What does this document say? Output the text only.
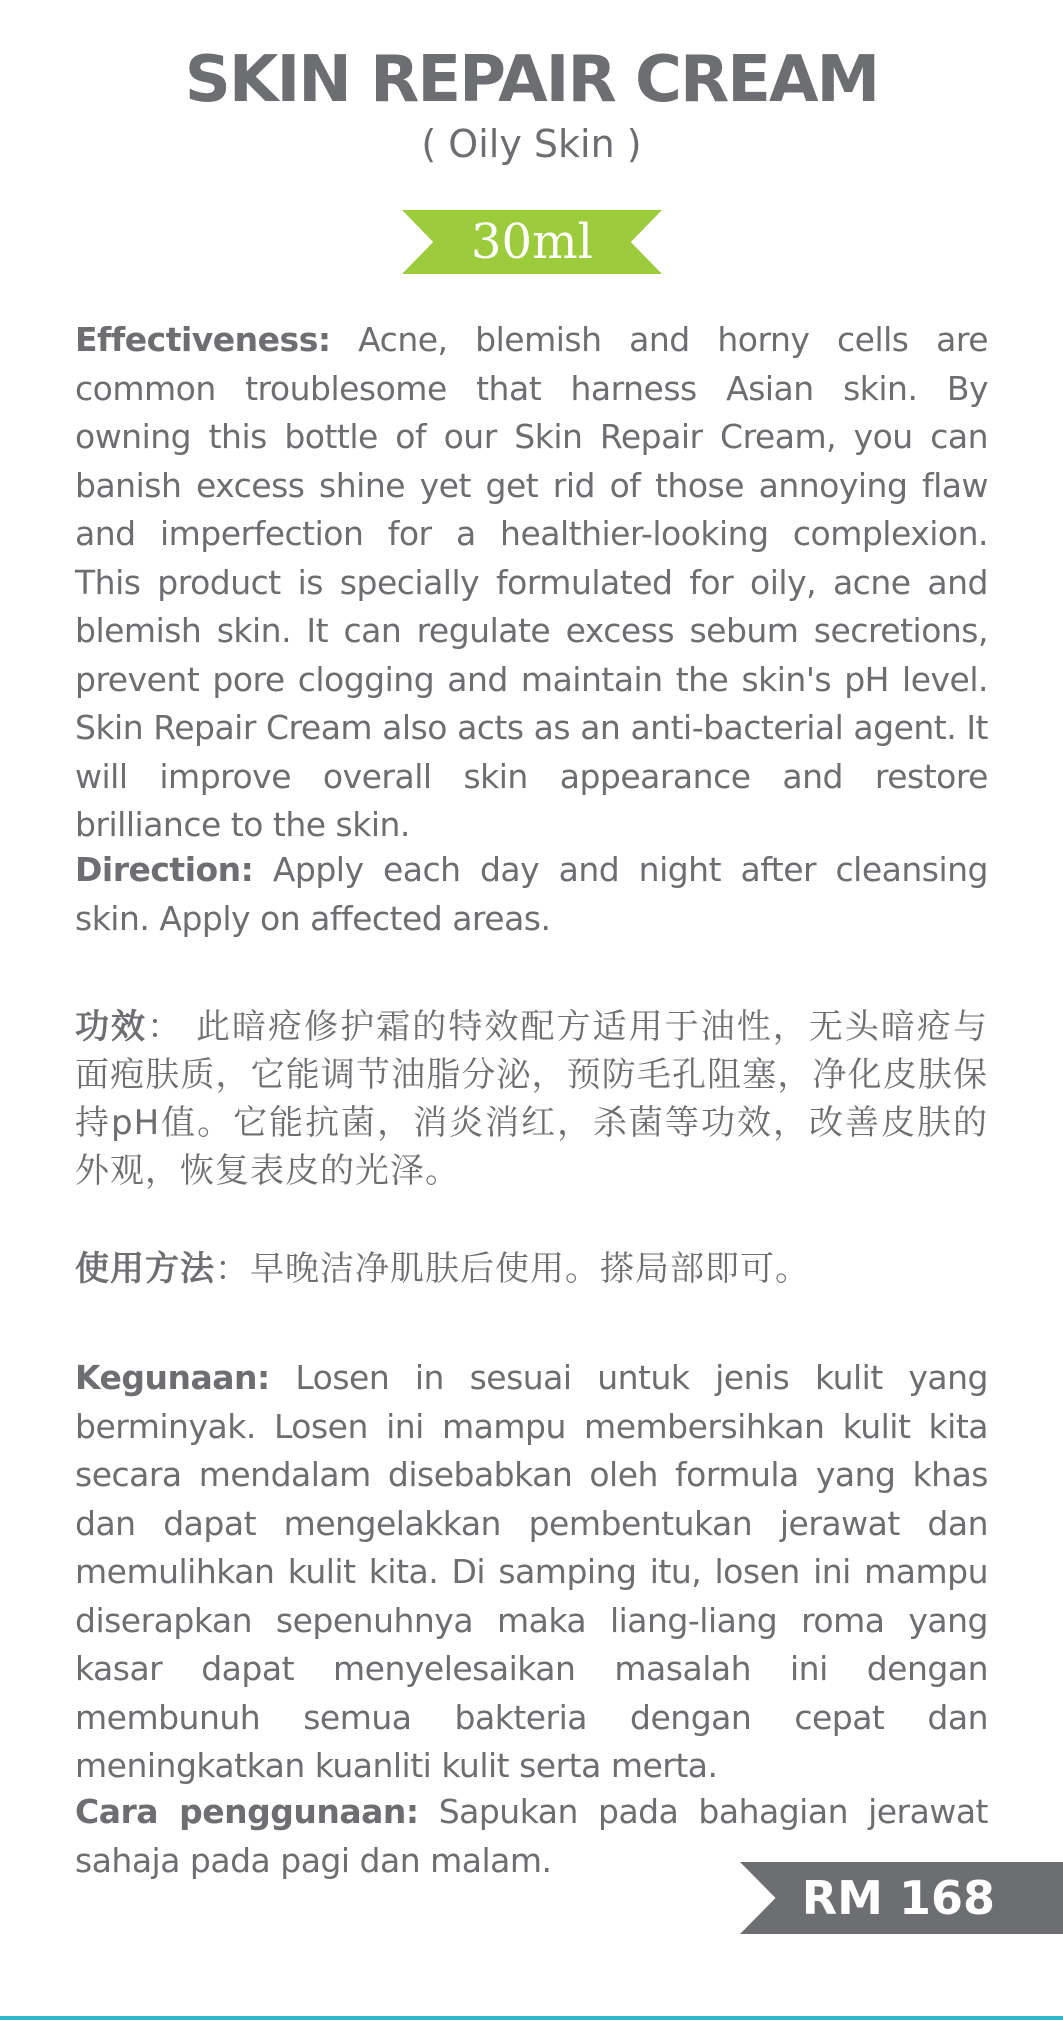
SKIN REPAIR CREAM
( Oily Skin )
30ml
Effectiveness: Acne, blemish and horny cells are common troublesome that harness Asian skin. By owning this bottle of our Skin Repair Cream, you can banish excess shine yet get rid of those annoying flaw and imperfection for a healthier-looking complexion. This product is specially formulated for oily, acne and blemish skin. It can regulate excess sebum secretions, prevent pore clogging and maintain the skin's pH level. Skin Repair Cream also acts as an anti-bacterial agent. It will improve overall skin appearance and restore brilliance to the skin.
Direction: Apply each day and night after cleansing skin. Apply on affected areas.
功效： 此暗疮修护霜的特效配方适用于油性，无头暗疮与面疱肤质，它能调节油脂分泌，预防毛孔阻塞，净化皮肤保持pH值。它能抗菌，消炎消红，杀菌等功效，改善皮肤的外观，恢复表皮的光泽。
使用方法：早晚洁净肌肤后使用。搽局部即可。
Kegunaan: Losen in sesuai untuk jenis kulit yang berminyak. Losen ini mampu membersihkan kulit kita secara mendalam disebabkan oleh formula yang khas dan dapat mengelakkan pembentukan jerawat dan memulihkan kulit kita. Di samping itu, losen ini mampu diserapkan sepenuhnya maka liang-liang roma yang kasar dapat menyelesaikan masalah ini dengan membunuh semua bakteria dengan cepat dan meningkatkan kuanliti kulit serta merta.
Cara penggunaan: Sapukan pada bahagian jerawat sahaja pada pagi dan malam.
RM 168
